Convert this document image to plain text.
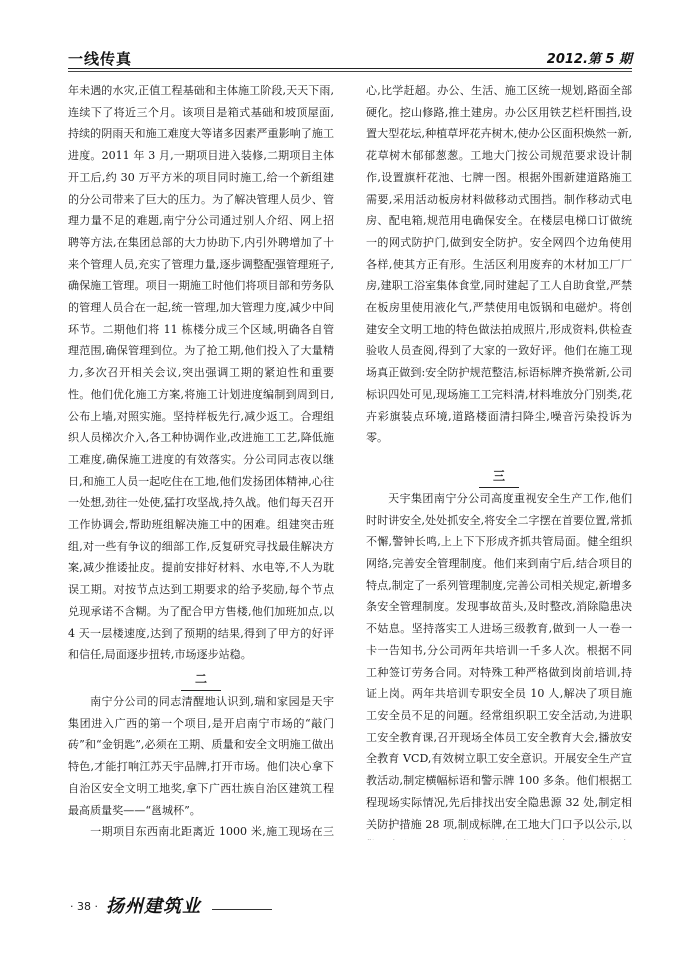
一线传真	2012.第 5 期

年未遇的水灾,正值工程基础和主体施工阶段,天天下雨,连续下了将近三个月。该项目是箱式基础和坡顶屋面,持续的阴雨天和施工难度大等诸多因素严重影响了施工进度。2011 年 3 月,一期项目进入装修,二期项目主体开工后,约 30 万平方米的项目同时施工,给一个新组建的分公司带来了巨大的压力。为了解决管理人员少、管理力量不足的难题,南宁分公司通过别人介绍、网上招聘等方法,在集团总部的大力协助下,内引外聘增加了十来个管理人员,充实了管理力量,逐步调整配强管理班子,确保施工管理。项目一期施工时他们将项目部和劳务队的管理人员合在一起,统一管理,加大管理力度,减少中间环节。二期他们将 11 栋楼分成三个区域,明确各自管理范围,确保管理到位。为了抢工期,他们投入了大量精力,多次召开相关会议,突出强调工期的紧迫性和重要性。他们优化施工方案,将施工计划进度编制到周到日,公布上墙,对照实施。坚持样板先行,减少返工。合理组织人员梯次介入,各工种协调作业,改进施工工艺,降低施工难度,确保施工进度的有效落实。分公司同志夜以继日,和施工人员一起吃住在工地,他们发扬团体精神,心往一处想,劲往一处使,猛打攻坚战,持久战。他们每天召开工作协调会,帮助班组解决施工中的困难。组建突击班组,对一些有争议的细部工作,反复研究寻找最佳解决方案,减少推诿扯皮。提前安排好材料、水电等,不人为耽误工期。对按节点达到工期要求的给予奖励,每个节点兑现承诺不含糊。为了配合甲方售楼,他们加班加点,以 4 天一层楼速度,达到了预期的结果,得到了甲方的好评和信任,局面逐步扭转,市场逐步站稳。

二

南宁分公司的同志清醒地认识到,瑞和家园是天宇集团进入广西的第一个项目,是开启南宁市场的“敲门砖”和“金钥匙”,必须在工期、质量和安全文明施工做出特色,才能打响江苏天宇品牌,打开市场。他们决心拿下自治区安全文明工地奖,拿下广西壮族自治区建筑工程最高质量奖——“邕城杯”。

一期项目东西南北距离近 1000 米,施工现场在三

心,比学赶超。办公、生活、施工区统一规划,路面全部硬化。挖山修路,推土建房。办公区用铁艺栏杆围挡,设置大型花坛,种植草坪花卉树木,使办公区面积焕然一新,花草树木郁郁葱葱。工地大门按公司规范要求设计制作,设置旗杆花池、七牌一图。根据外围新建道路施工需要,采用活动板房材料做移动式围挡。制作移动式电房、配电箱,规范用电确保安全。在楼层电梯口订做统一的网式防护门,做到安全防护。安全网四个边角使用各样,使其方正有形。生活区利用废弃的木材加工厂厂房,建职工浴室集体食堂,同时建起了工人自助食堂,严禁在板房里使用液化气,严禁使用电饭锅和电磁炉。将创建安全文明工地的特色做法拍成照片,形成资料,供检查验收人员查阅,得到了大家的一致好评。他们在施工现场真正做到:安全防护规范整洁,标语标牌齐换常新,公司标识四处可见,现场施工工完料清,材料堆放分门别类,花卉彩旗装点环境,道路楼面清扫降尘,噪音污染投诉为零。

三

天宇集团南宁分公司高度重视安全生产工作,他们时时讲安全,处处抓安全,将安全二字摆在首要位置,常抓不懈,警钟长鸣,上上下下形成齐抓共管局面。健全组织网络,完善安全管理制度。他们来到南宁后,结合项目的特点,制定了一系列管理制度,完善公司相关规定,新增多条安全管理制度。发现事故苗头,及时整改,消除隐患决不姑息。坚持落实工人进场三级教育,做到一人一卷一卡一告知书,分公司两年共培训一千多人次。根据不同工种签订劳务合同。对特殊工种严格做到岗前培训,持证上岗。两年共培训专职安全员 10 人,解决了项目施工安全员不足的问题。经常组织职工安全活动,为进职工安全教育课,召开现场全体员工安全教育大会,播放安全教育 VCD,有效树立职工安全意识。开展安全生产宣教活动,制定横幅标语和警示牌 100 多条。他们根据工程现场实际情况,先后排找出安全隐患源 32 处,制定相关防护措施 28 项,制成标牌,在工地大门口予以公示,以

· 38 · 扬州建筑业
